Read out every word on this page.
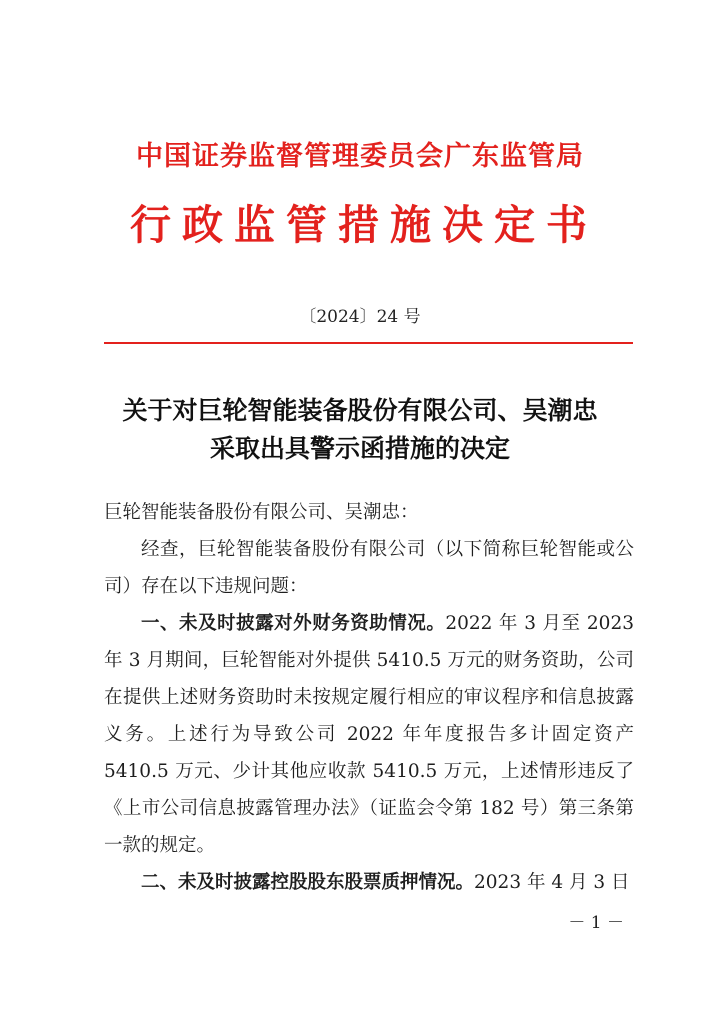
中国证券监督管理委员会广东监管局
行政监管措施决定书
〔2024〕24 号
关于对巨轮智能装备股份有限公司、吴潮忠
采取出具警示函措施的决定

巨轮智能装备股份有限公司、吴潮忠：

经查，巨轮智能装备股份有限公司（以下简称巨轮智能或公司）存在以下违规问题：

一、未及时披露对外财务资助情况。2022 年 3 月至 2023 年 3 月期间，巨轮智能对外提供 5410.5 万元的财务资助，公司在提供上述财务资助时未按规定履行相应的审议程序和信息披露义务。上述行为导致公司 2022 年年度报告多计固定资产 5410.5 万元、少计其他应收款 5410.5 万元，上述情形违反了《上市公司信息披露管理办法》（证监会令第 182 号）第三条第一款的规定。

二、未及时披露控股股东股票质押情况。2023 年 4 月 3 日

－ 1 －
